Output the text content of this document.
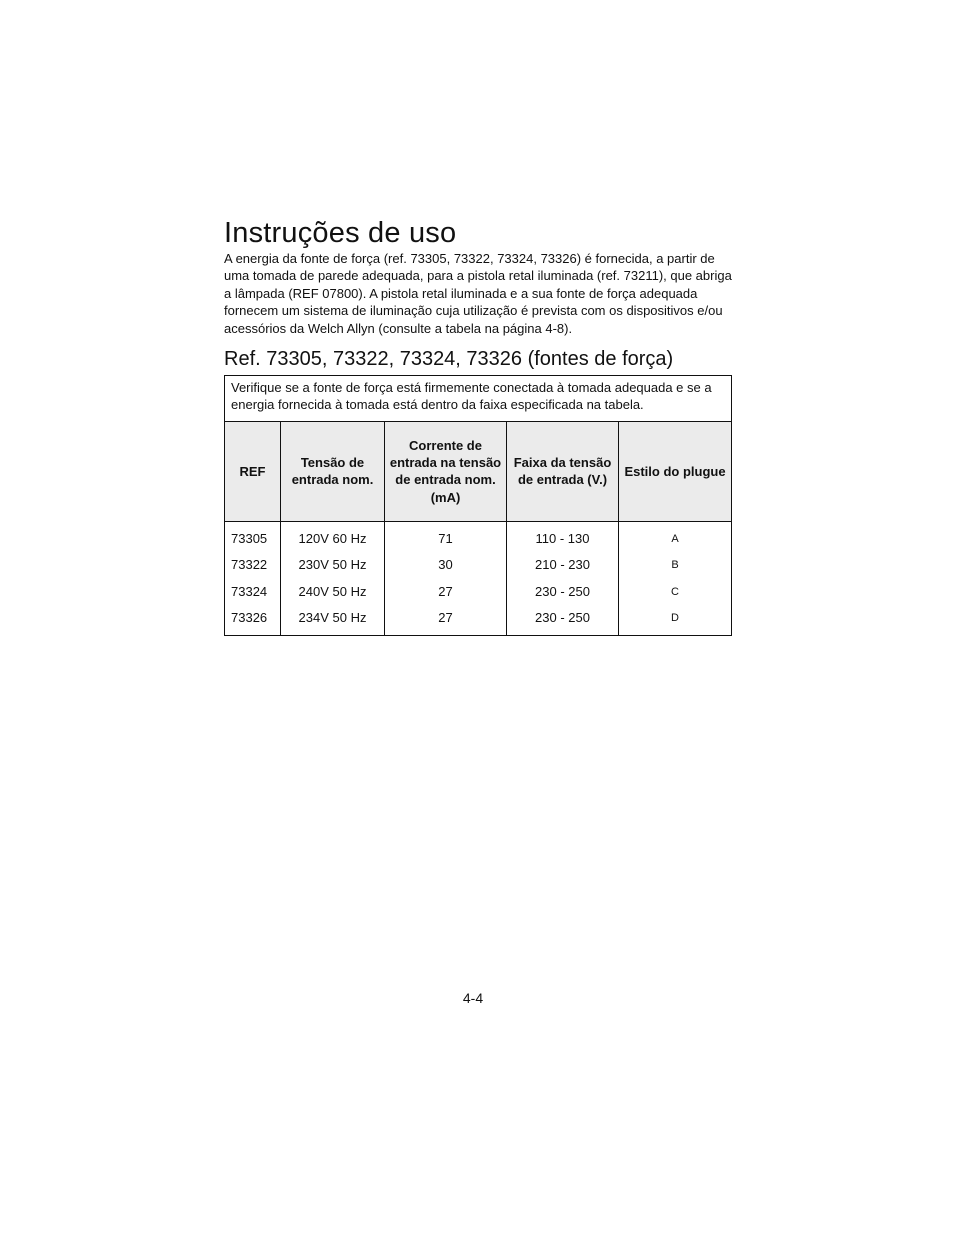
Instruções de uso

A energia da fonte de força (ref. 73305, 73322, 73324, 73326) é fornecida, a partir de uma tomada de parede adequada, para a pistola retal iluminada (ref. 73211), que abriga a lâmpada (REF 07800). A pistola retal iluminada e a sua fonte de força adequada fornecem um sistema de iluminação cuja utilização é prevista com os dispositivos e/ou acessórios da Welch Allyn (consulte a tabela na página 4-8).

Ref. 73305, 73322, 73324, 73326 (fontes de força)
Verifique se a fonte de força está firmemente conectada à tomada adequada e se a energia fornecida à tomada está dentro da faixa especificada na tabela.				
REF	Tensão de entrada nom.	Corrente de entrada na tensão de entrada nom. (mA)	Faixa da tensão de entrada (V.)	Estilo do plugue
73305	120V 60 Hz	71	110 - 130	A
73322	230V 50 Hz	30	210 - 230	B
73324	240V 50 Hz	27	230 - 250	C
73326	234V 50 Hz	27	230 - 250	D

4-4
